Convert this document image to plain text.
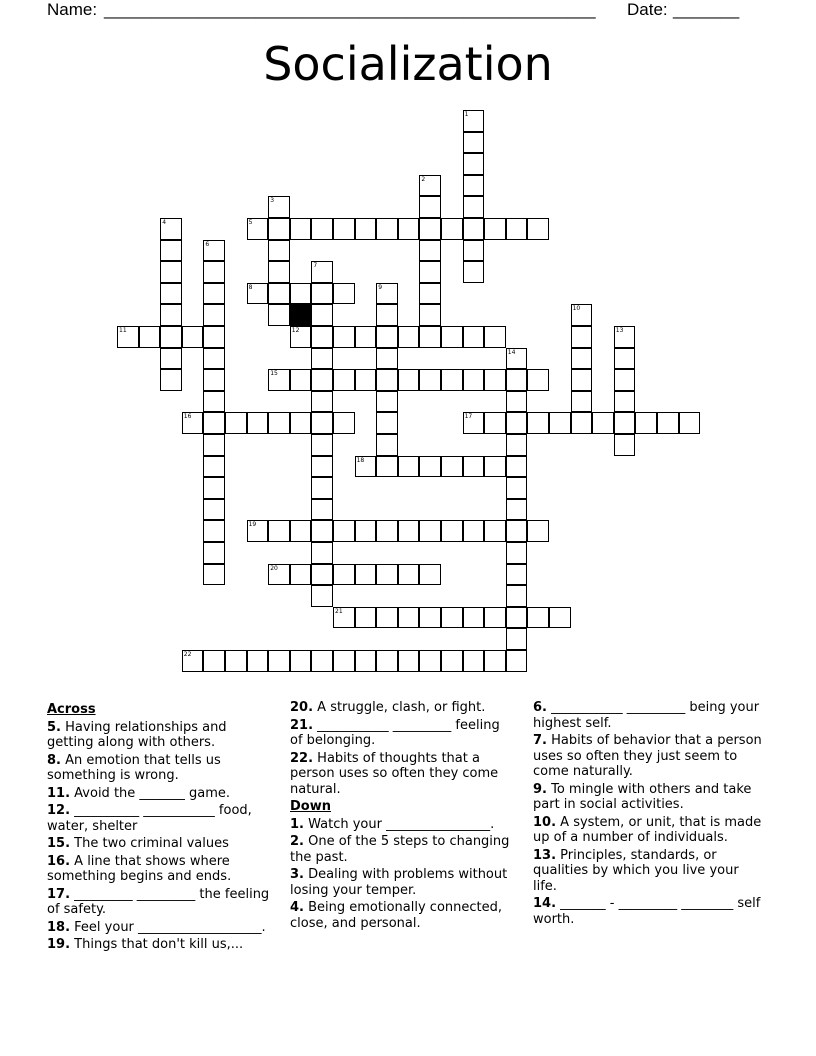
Name: ____________________________________________________ Date: _______
Socialization
1
2
3
4	5
6
7
8	9
10
11	12	13
14
15
16	17
18
19
20
21
22
Across
5. Having relationships and getting along with others.
8. An emotion that tells us something is wrong.
11. Avoid the _______ game.
12. __________ ___________ food, water, shelter
15. The two criminal values
16. A line that shows where something begins and ends.
17. _________ _________ the feeling of safety.
18. Feel your ___________________.
19. Things that don't kill us,...
20. A struggle, clash, or fight.
21. ___________ _________ feeling of belonging.
22. Habits of thoughts that a person uses so often they come natural.
Down
1. Watch your ________________.
2. One of the 5 steps to changing the past.
3. Dealing with problems without losing your temper.
4. Being emotionally connected, close, and personal.
6. ___________ _________ being your highest self.
7. Habits of behavior that a person uses so often they just seem to come naturally.
9. To mingle with others and take part in social activities.
10. A system, or unit, that is made up of a number of individuals.
13. Principles, standards, or qualities by which you live your life.
14. _______ - _________ ________ self worth.
